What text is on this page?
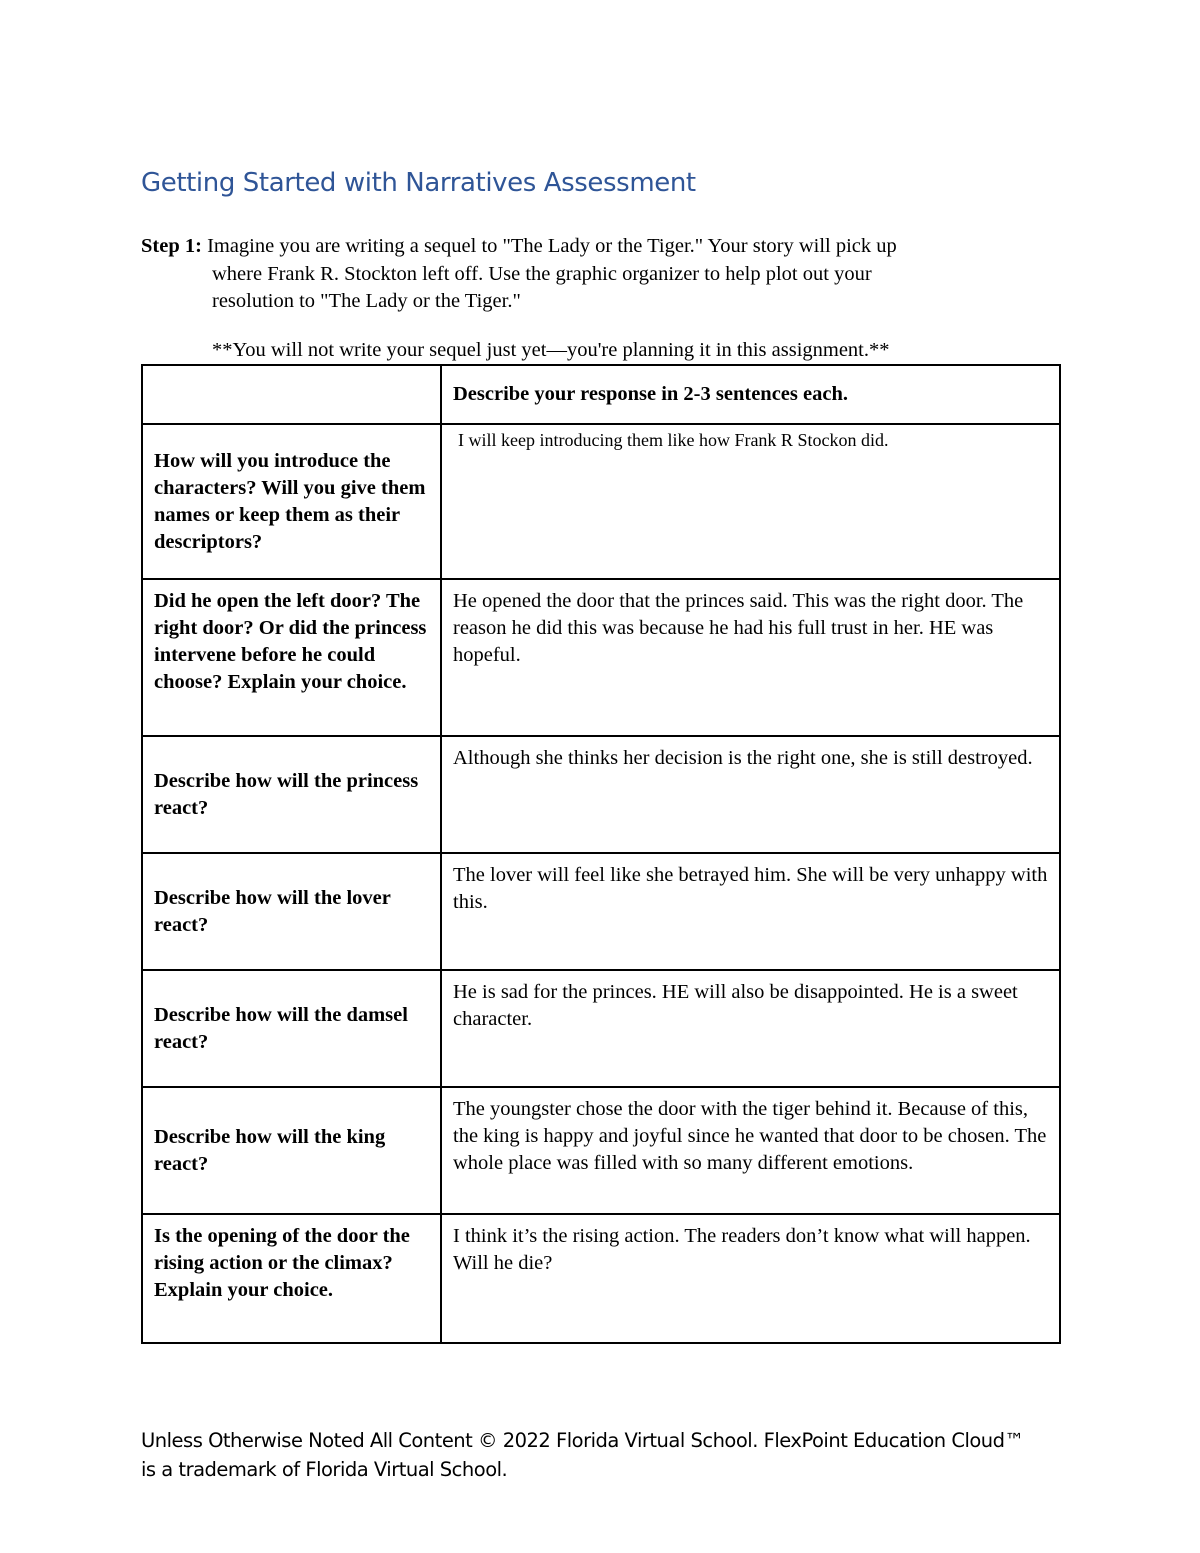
Getting Started with Narratives Assessment
Step 1: Imagine you are writing a sequel to "The Lady or the Tiger." Your story will pick up
where Frank R. Stockton left off. Use the graphic organizer to help plot out your
resolution to "The Lady or the Tiger."
**You will not write your sequel just yet—you're planning it in this assignment.**
	Describe your response in 2-3 sentences each.
How will you introduce the characters? Will you give them names or keep them as their descriptors?	I will keep introducing them like how Frank R Stockon did.
Did he open the left door? The right door? Or did the princess intervene before he could choose? Explain your choice.	He opened the door that the princes said. This was the right door. The reason he did this was because he had his full trust in her. HE was hopeful.
Describe how will the princess react?	Although she thinks her decision is the right one, she is still destroyed.
Describe how will the lover react?	The lover will feel like she betrayed him. She will be very unhappy with this.
Describe how will the damsel react?	He is sad for the princes. HE will also be disappointed. He is a sweet character.
Describe how will the king react?	The youngster chose the door with the tiger behind it. Because of this, the king is happy and joyful since he wanted that door to be chosen. The whole place was filled with so many different emotions.
Is the opening of the door the rising action or the climax? Explain your choice.	I think it’s the rising action. The readers don’t know what will happen. Will he die?
Unless Otherwise Noted All Content © 2022 Florida Virtual School. FlexPoint Education Cloud™
is a trademark of Florida Virtual School.
